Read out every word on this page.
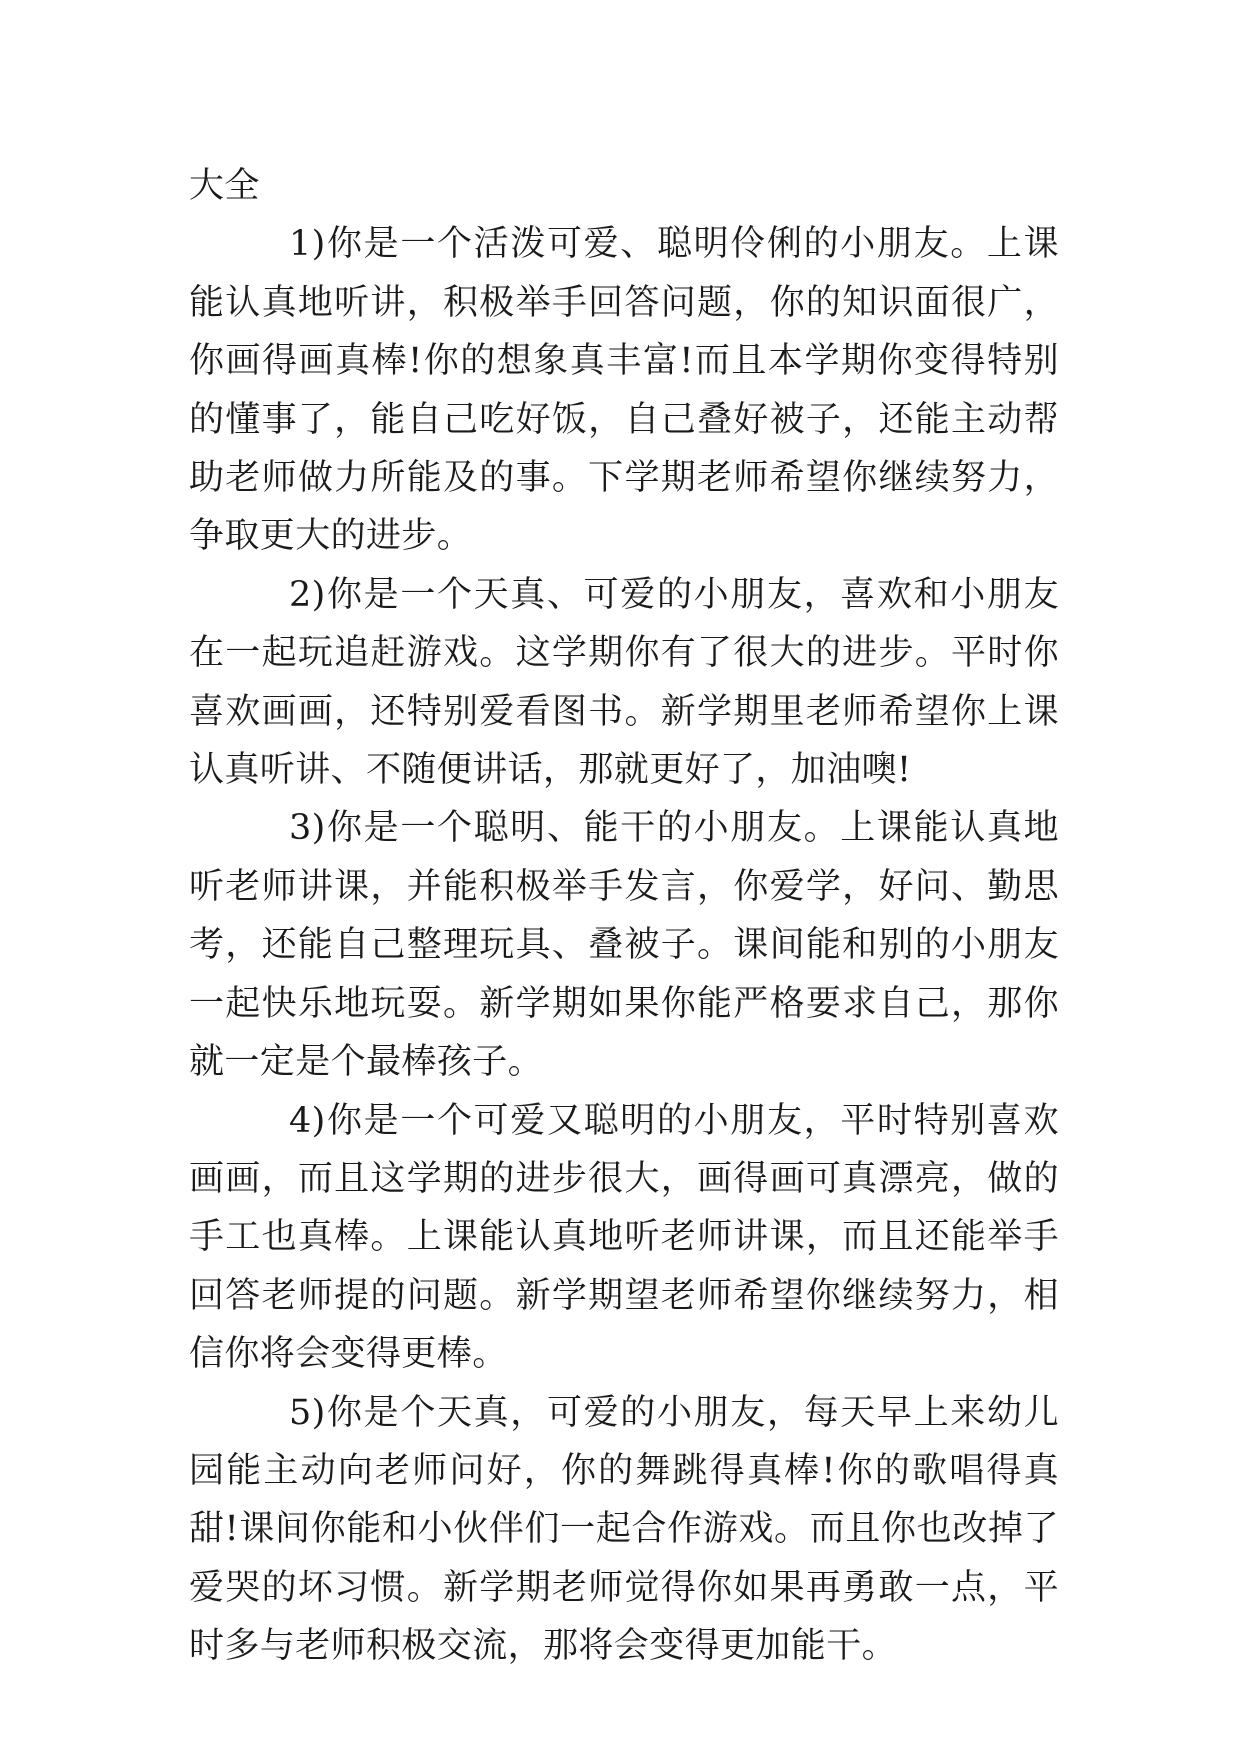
大全

1)你是一个活泼可爱、聪明伶俐的小朋友。上课能认真地听讲，积极举手回答问题，你的知识面很广，你画得画真棒!你的想象真丰富!而且本学期你变得特别的懂事了，能自己吃好饭，自己叠好被子，还能主动帮助老师做力所能及的事。下学期老师希望你继续努力，争取更大的进步。

2)你是一个天真、可爱的小朋友，喜欢和小朋友在一起玩追赶游戏。这学期你有了很大的进步。平时你喜欢画画，还特别爱看图书。新学期里老师希望你上课认真听讲、不随便讲话，那就更好了，加油噢!

3)你是一个聪明、能干的小朋友。上课能认真地听老师讲课，并能积极举手发言，你爱学，好问、勤思考，还能自己整理玩具、叠被子。课间能和别的小朋友一起快乐地玩耍。新学期如果你能严格要求自己，那你就一定是个最棒孩子。

4)你是一个可爱又聪明的小朋友，平时特别喜欢画画，而且这学期的进步很大，画得画可真漂亮，做的手工也真棒。上课能认真地听老师讲课，而且还能举手回答老师提的问题。新学期望老师希望你继续努力，相信你将会变得更棒。

5)你是个天真，可爱的小朋友，每天早上来幼儿园能主动向老师问好，你的舞跳得真棒!你的歌唱得真甜!课间你能和小伙伴们一起合作游戏。而且你也改掉了爱哭的坏习惯。新学期老师觉得你如果再勇敢一点，平时多与老师积极交流，那将会变得更加能干。
